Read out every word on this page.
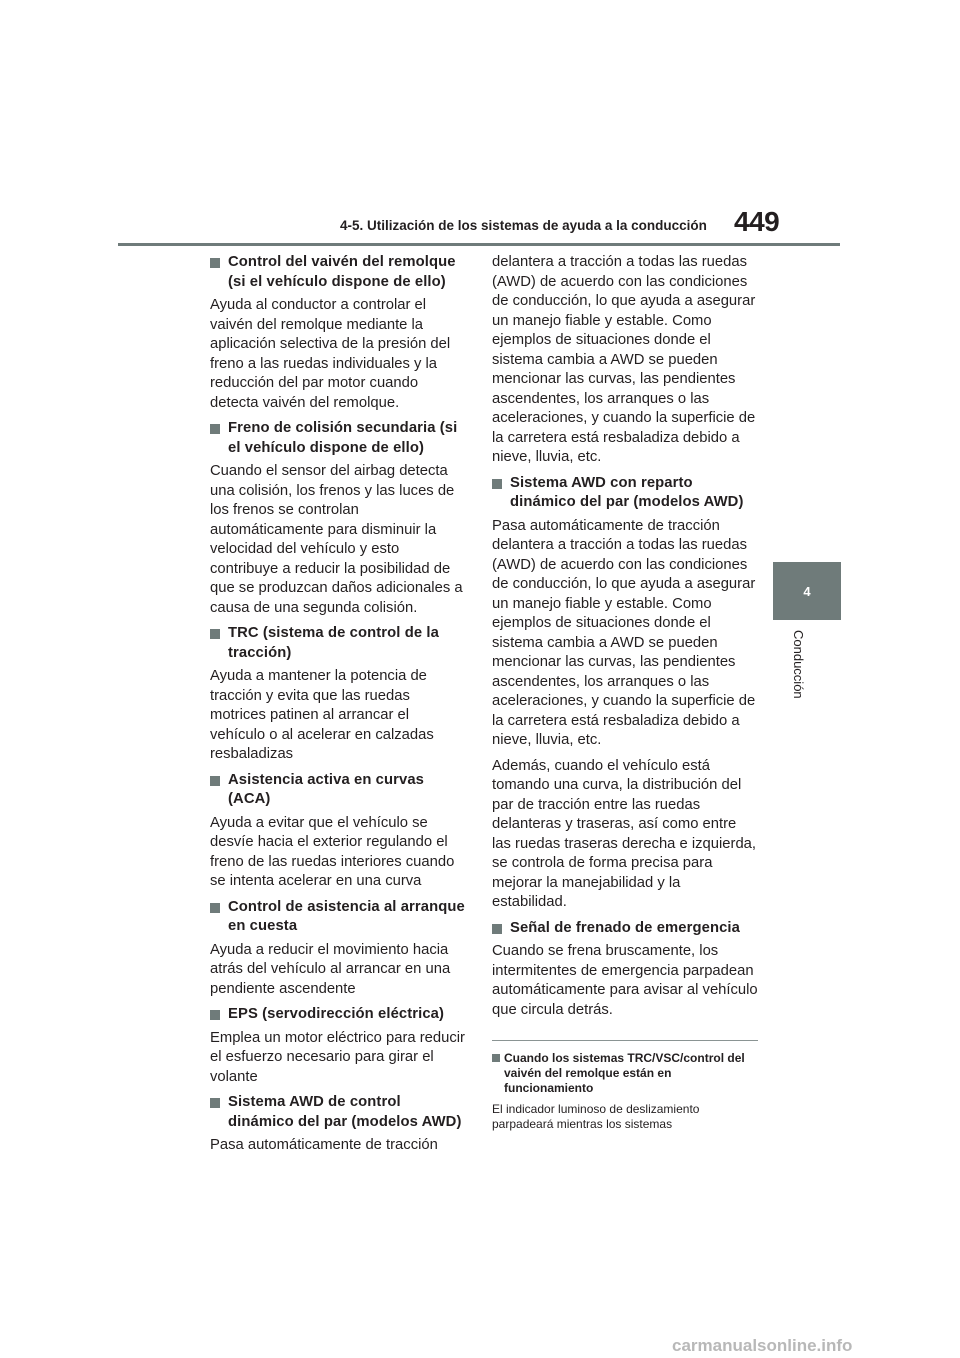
4-5. Utilización de los sistemas de ayuda a la conducción 449
4
Conducción
Control del vaivén del remolque (si el vehículo dispone de ello)

Ayuda al conductor a controlar el vaivén del remolque mediante la aplicación selectiva de la presión del freno a las ruedas individuales y la reducción del par motor cuando detecta vaivén del remolque.

Freno de colisión secundaria (si el vehículo dispone de ello)

Cuando el sensor del airbag detecta una colisión, los frenos y las luces de los frenos se controlan automáticamente para disminuir la velocidad del vehículo y esto contribuye a reducir la posibilidad de que se produzcan daños adicionales a causa de una segunda colisión.

TRC (sistema de control de la tracción)

Ayuda a mantener la potencia de tracción y evita que las ruedas motrices patinen al arrancar el vehículo o al acelerar en calzadas resbaladizas

Asistencia activa en curvas (ACA)

Ayuda a evitar que el vehículo se desvíe hacia el exterior regulando el freno de las ruedas interiores cuando se intenta acelerar en una curva

Control de asistencia al arranque en cuesta

Ayuda a reducir el movimiento hacia atrás del vehículo al arrancar en una pendiente ascendente

EPS (servodirección eléctrica)

Emplea un motor eléctrico para reducir el esfuerzo necesario para girar el volante

Sistema AWD de control dinámico del par (modelos AWD)

Pasa automáticamente de tracción

delantera a tracción a todas las ruedas (AWD) de acuerdo con las condiciones de conducción, lo que ayuda a asegurar un manejo fiable y estable. Como ejemplos de situaciones donde el sistema cambia a AWD se pueden mencionar las curvas, las pendientes ascendentes, los arranques o las aceleraciones, y cuando la superficie de la carretera está resbaladiza debido a nieve, lluvia, etc.

Sistema AWD con reparto dinámico del par (modelos AWD)

Pasa automáticamente de tracción delantera a tracción a todas las ruedas (AWD) de acuerdo con las condiciones de conducción, lo que ayuda a asegurar un manejo fiable y estable. Como ejemplos de situaciones donde el sistema cambia a AWD se pueden mencionar las curvas, las pendientes ascendentes, los arranques o las aceleraciones, y cuando la superficie de la carretera está resbaladiza debido a nieve, lluvia, etc.

Además, cuando el vehículo está tomando una curva, la distribución del par de tracción entre las ruedas delanteras y traseras, así como entre las ruedas traseras derecha e izquierda, se controla de forma precisa para mejorar la manejabilidad y la estabilidad.

Señal de frenado de emergencia

Cuando se frena bruscamente, los intermitentes de emergencia parpadean automáticamente para avisar al vehículo que circula detrás.

Cuando los sistemas TRC/VSC/control del vaivén del remolque están en funcionamiento

El indicador luminoso de deslizamiento parpadeará mientras los sistemas

carmanualsonline.info
